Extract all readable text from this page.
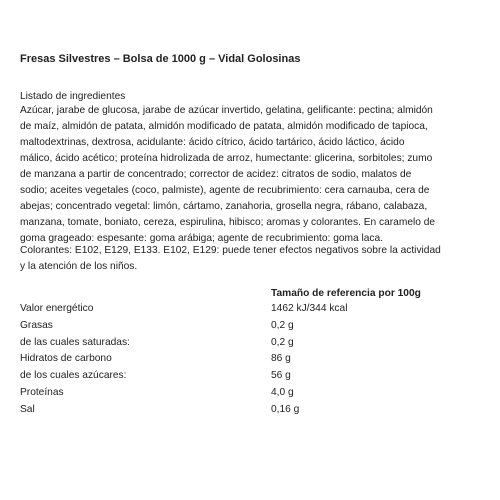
Fresas Silvestres – Bolsa de 1000 g – Vidal Golosinas
Listado de ingredientes
Azúcar, jarabe de glucosa, jarabe de azúcar invertido, gelatina, gelificante: pectina; almidón
de maíz, almidón de patata, almidón modificado de patata, almidón modificado de tapioca,
maltodextrinas, dextrosa, acidulante: ácido cítrico, ácido tartárico, ácido láctico, ácido
málico, ácido acético; proteína hidrolizada de arroz, humectante: glicerina, sorbitoles; zumo
de manzana a partir de concentrado; corrector de acidez: citratos de sodio, malatos de
sodio; aceites vegetales (coco, palmiste), agente de recubrimiento: cera carnauba, cera de
abejas; concentrado vegetal: limón, cártamo, zanahoria, grosella negra, rábano, calabaza,
manzana, tomate, boniato, cereza, espirulina, hibisco; aromas y colorantes. En caramelo de
goma grageado: espesante: goma arábiga; agente de recubrimiento: goma laca.
Colorantes: E102, E129, E133. E102, E129: puede tener efectos negativos sobre la actividad
y la atención de los niños.
Tamaño de referencia por 100g
Valor energético	1462 kJ/344 kcal
Grasas	0,2 g
de las cuales saturadas:	0,2 g
Hidratos de carbono	86 g
de los cuales azúcares:	56 g
Proteínas	4,0 g
Sal	0,16 g
